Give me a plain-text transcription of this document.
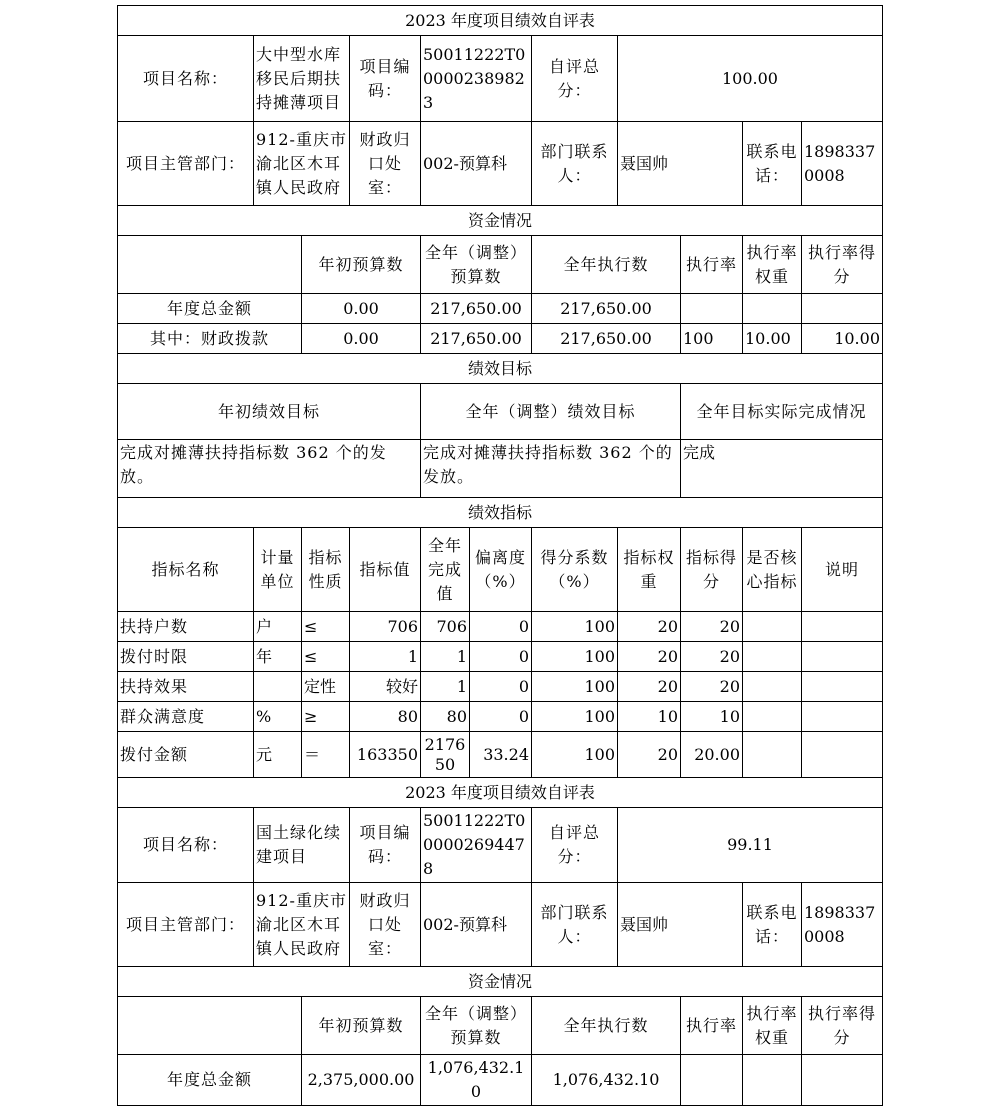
2023 年度项目绩效自评表										
项目名称：	大中型水库移民后期扶持摊薄项目		项目编码：	50011222T000002389823		自评总分：	100.00			
项目主管部门：	912-重庆市渝北区木耳镇人民政府		财政归口处室：	002-预算科		部门联系人：	聂国帅		联系电话：	18983370008
资金情况										
		年初预算数		全年（调整）预算数		全年执行数		执行率	执行率权重	执行率得分
年度总金额		0.00		217,650.00		217,650.00				
其中：财政拨款		0.00		217,650.00		217,650.00		100	10.00	10.00
绩效目标										
年初绩效目标				全年（调整）绩效目标				全年目标实际完成情况		
完成对摊薄扶持指标数 362 个的发放。				完成对摊薄扶持指标数 362 个的发放。				完成		
绩效指标										
指标名称	计量单位	指标性质	指标值	全年完成值	偏离度（%）	得分系数（%）	指标权重	指标得分	是否核心指标	说明
扶持户数	户	≤	706	706	0	100	20	20		
拨付时限	年	≤	1	1	0	100	20	20		
扶持效果		定性	较好	1	0	100	20	20		
群众满意度	%	≥	80	80	0	100	10	10		
拨付金额	元	＝	163350	217650	33.24	100	20	20.00		
2023 年度项目绩效自评表										
项目名称：	国土绿化续建项目		项目编码：	50011222T000002694478		自评总分：	99.11			
项目主管部门：	912-重庆市渝北区木耳镇人民政府		财政归口处室：	002-预算科		部门联系人：	聂国帅		联系电话：	18983370008
资金情况										
		年初预算数		全年（调整）预算数		全年执行数		执行率	执行率权重	执行率得分
年度总金额		2,375,000.00		1,076,432.10		1,076,432.10				
